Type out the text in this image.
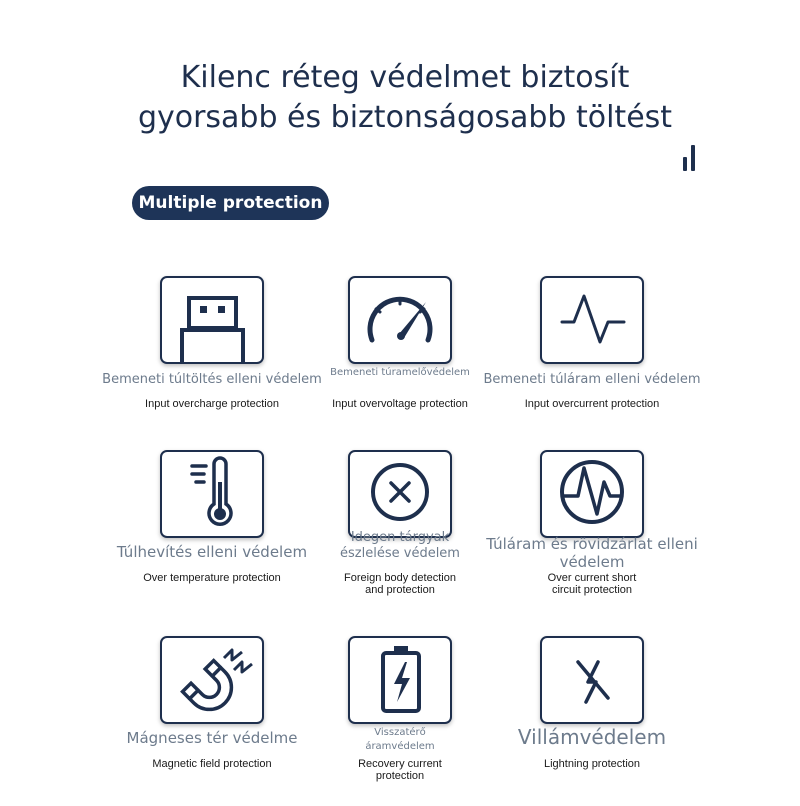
Kilenc réteg védelmet biztosít
gyorsabb és biztonságosabb töltést
Multiple protection
Bemeneti túltöltés elleni védelem
Input overcharge protection
Bemeneti túramelővédelem
Input overvoltage protection
Bemeneti túláram elleni védelem
Input overcurrent protection
Túlhevítés elleni védelem
Over temperature protection
Idegen tárgyak észlelése védelem
Foreign body detection and protection
Túláram és rövidzárlat elleni védelem
Over current short circuit protection
Mágneses tér védelme
Magnetic field protection
Visszatérő áramvédelem
Recovery current protection
Villámvédelem
Lightning protection
